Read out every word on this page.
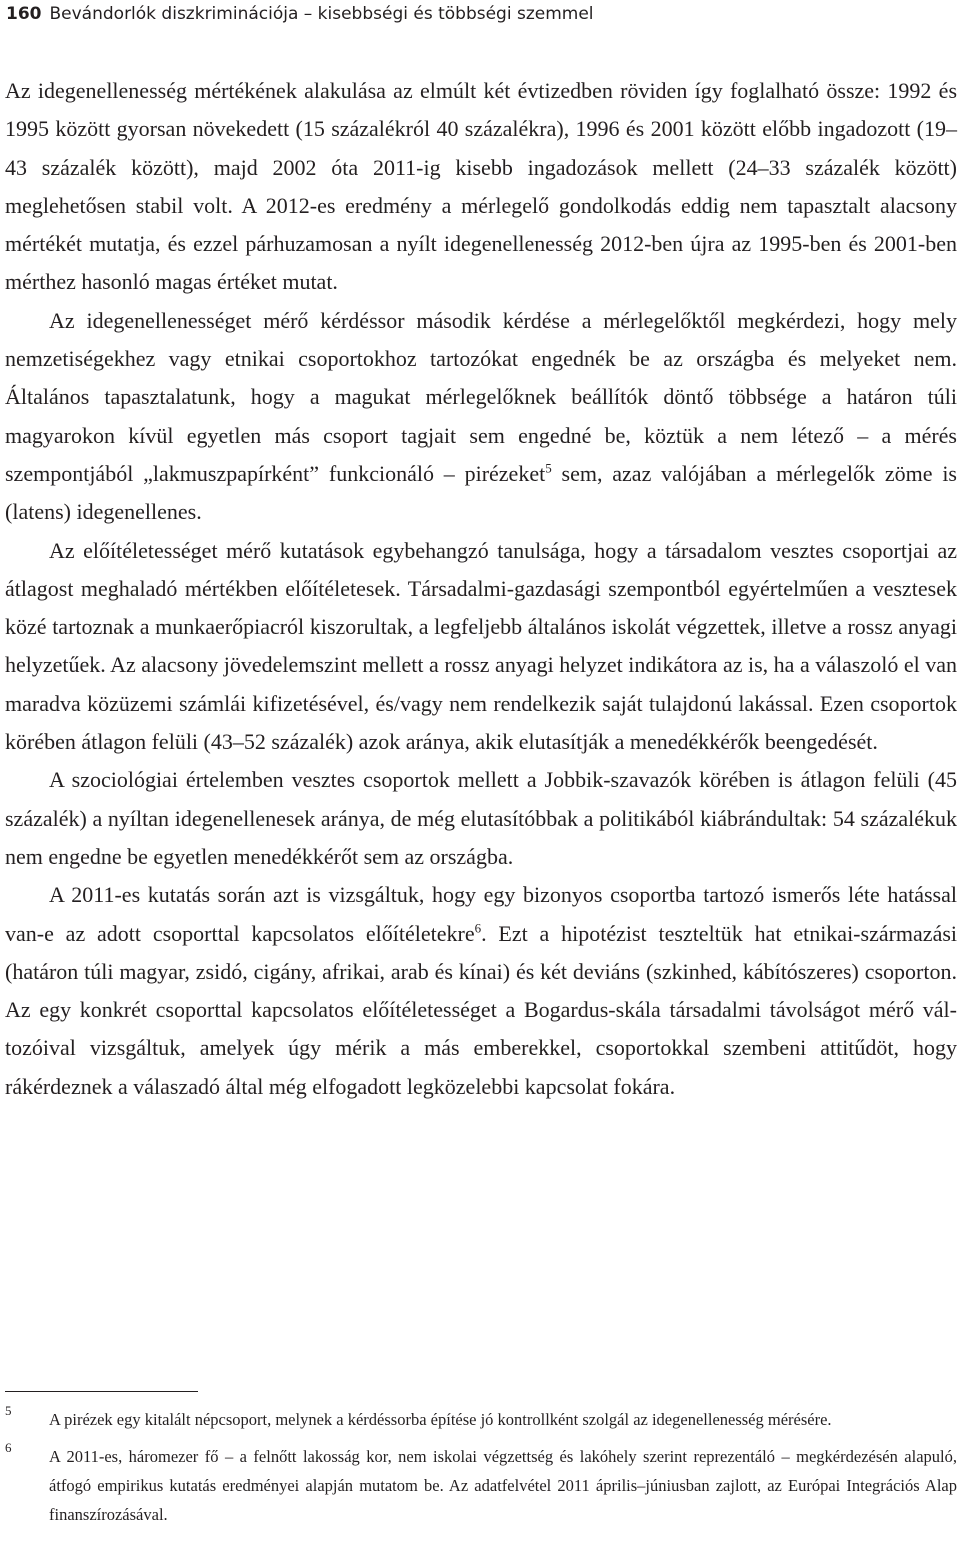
160 Bevándorlók diszkriminációja – kisebbségi és többségi szemmel

Az idegenellenesség mértékének alakulása az elmúlt két évtizedben röviden így foglalható össze: 1992 és 1995 között gyorsan növekedett (15 százalékról 40 százalékra), 1996 és 2001 között előbb ingadozott (19–43 százalék között), majd 2002 óta 2011-ig kisebb ingadozások mellett (24–33 százalék között) meglehetősen stabil volt. A 2012-es eredmény a mérlegelő gondolkodás eddig nem tapasztalt alacsony mértékét mutatja, és ezzel párhuzamosan a nyílt idegenellenesség 2012-ben újra az 1995-ben és 2001-ben mérthez hasonló magas értéket mutat.

Az idegenellenességet mérő kérdéssor második kérdése a mérlegelőktől megkérdezi, hogy mely nemzetiségekhez vagy etnikai csoportokhoz tartozókat engednék be az országba és melyeket nem. Általános tapasztalatunk, hogy a magukat mérlegelőknek beállítók döntő többsége a határon túli magyarokon kívül egyetlen más csoport tagjait sem engedné be, köztük a nem létező – a mérés szempontjából „lakmuszpapírként” funkcionáló – pirézeket$^5$ sem, azaz valójában a mérlegelők zöme is (latens) idegenellenes.

Az előítéletességet mérő kutatások egybehangzó tanulsága, hogy a társadalom vesztes csoportjai az átlagost meghaladó mértékben előítéletesek. Társadalmi-gazdasági szempontból egyértelműen a vesztesek közé tartoznak a munkaerőpiacról kiszorultak, a legfeljebb általános iskolát végzettek, illetve a rossz anyagi helyzetűek. Az alacsony jövedelemszint mellett a rossz anyagi helyzet indikátora az is, ha a válaszoló el van maradva közüzemi számlái kifizetésével, és/vagy nem rendelkezik saját tulajdonú lakással. Ezen csoportok körében átlagon felüli (43–52 százalék) azok aránya, akik elutasítják a menedékkérők beengedését.

A szociológiai értelemben vesztes csoportok mellett a Jobbik-szavazók körében is átlagon felüli (45 százalék) a nyíltan idegenellenesek aránya, de még elutasítóbbak a politikából kiábrándultak: 54 százalékuk nem engedne be egyetlen menedékkérőt sem az országba.

A 2011-es kutatás során azt is vizsgáltuk, hogy egy bizonyos csoportba tartozó ismerős léte hatással van-e az adott csoporttal kapcsolatos előítéletekre$^6$. Ezt a hipotézist teszteltük hat etnikai-származási (határon túli magyar, zsidó, cigány, afrikai, arab és kínai) és két deviáns (szkinhed, kábítószeres) csoporton. Az egy konkrét csoporttal kapcsolatos előítéletességet a Bogardus-skála társadalmi távolságot mérő változóival vizsgáltuk, amelyek úgy mérik a más emberekkel, csoportokkal szembeni attitűdöt, hogy rákérdeznek a válaszadó által még elfogadott legközelebbi kapcsolat fokára.

5 A pirézek egy kitalált népcsoport, melynek a kérdéssorba építése jó kontrollként szolgál az idegenellenesség mérésére.
6 A 2011-es, háromezer fő – a felnőtt lakosság kor, nem iskolai végzettség és lakóhely szerint reprezentáló – megkérdezésén alapuló, átfogó empirikus kutatás eredményei alapján mutatom be. Az adatfelvétel 2011 április–júniusban zajlott, az Európai Integrációs Alap finanszírozásával.
